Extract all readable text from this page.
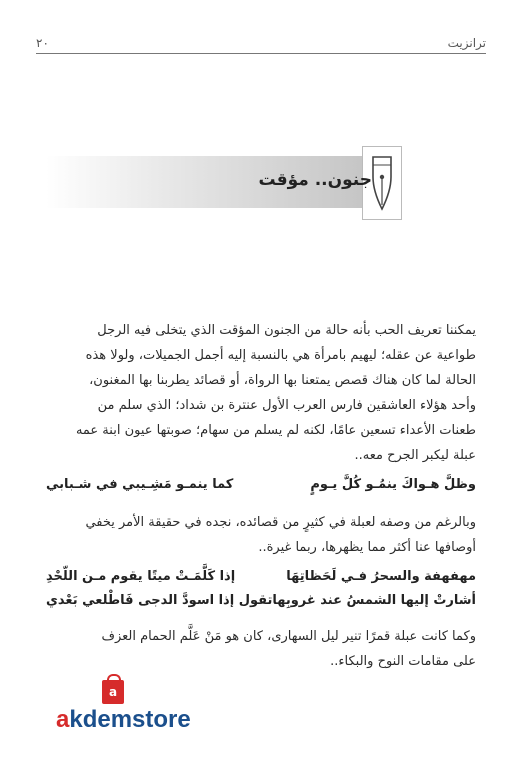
٢٠	ترانزيت
جنون.. مؤقت

يمكننا تعريف الحب بأنه حالة من الجنون المؤقت الذي يتخلى فيه الرجل

طواعية عن عقله؛ ليهيم بامرأة هي بالنسبة إليه أجمل الجميلات، ولولا هذه

الحالة لما كان هناك قصص يمتعنا بها الرواة، أو قصائد يطربنا بها المغنون،

وأحد هؤلاء العاشقين فارس العرب الأول عنترة بن شداد؛ الذي سلم من

طعنات الأعداء تسعين عامًا، لكنه لم يسلم من سهام؛ صوبتها عيون ابنة عمه

عبلة ليكبر الجرح معه..

وظلَّ هـواكَ ينمُـو كُلَّ يـومٍ
كما ينمـو مَشِـيبي في شـبابي

وبالرغم من وصفه لعبلة في كثيرٍ من قصائده، نجده في حقيقة الأمر يخفي

أوصافها عنا أكثر مما يظهرها، ربما غيرة..

مهفهفة والسحرُ فـي لَحَظاتِهَا
إذا كَلَّمَـتْ ميتًا يقوم مـن اللّحْدِ
أشارتْ إليها الشمسُ عند غروبِها
تقول إذا اسودَّ الدجى فَاطْلعي بَعْدي

وكما كانت عبلة قمرًا تنير ليل السهارى، كان هو مَنْ عَلَّم الحمام العزف

على مقامات النوح والبكاء..

a
akdemstore
